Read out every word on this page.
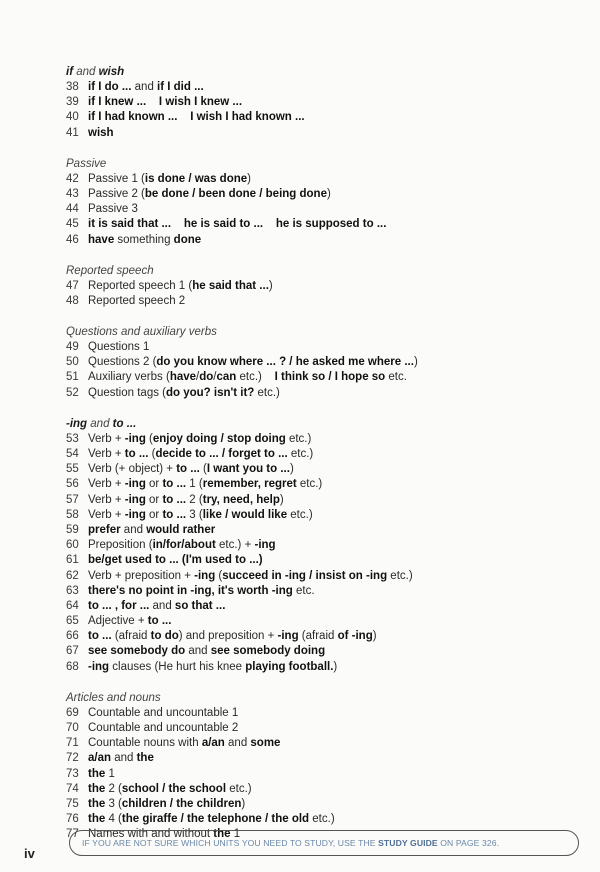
if and wish
38 if I do ... and if I did ...
39 if I knew ...    I wish I knew ...
40 if I had known ...    I wish I had known ...
41 wish
Passive
42 Passive 1 (is done / was done)
43 Passive 2 (be done / been done / being done)
44 Passive 3
45 it is said that ...    he is said to ...    he is supposed to ...
46 have something done
Reported speech
47 Reported speech 1 (he said that ...)
48 Reported speech 2
Questions and auxiliary verbs
49 Questions 1
50 Questions 2 (do you know where ... ? / he asked me where ...)
51 Auxiliary verbs (have/do/can etc.)    I think so / I hope so etc.
52 Question tags (do you? isn't it? etc.)
-ing and to ...
53 Verb + -ing (enjoy doing / stop doing etc.)
54 Verb + to ... (decide to ... / forget to ... etc.)
55 Verb (+ object) + to ... (I want you to ...)
56 Verb + -ing or to ... 1 (remember, regret etc.)
57 Verb + -ing or to ... 2 (try, need, help)
58 Verb + -ing or to ... 3 (like / would like etc.)
59 prefer and would rather
60 Preposition (in/for/about etc.) + -ing
61 be/get used to ... (I'm used to ...)
62 Verb + preposition + -ing (succeed in -ing / insist on -ing etc.)
63 there's no point in -ing, it's worth -ing etc.
64 to ... , for ... and so that ...
65 Adjective + to ...
66 to ... (afraid to do) and preposition + -ing (afraid of -ing)
67 see somebody do and see somebody doing
68 -ing clauses (He hurt his knee playing football.)
Articles and nouns
69 Countable and uncountable 1
70 Countable and uncountable 2
71 Countable nouns with a/an and some
72 a/an and the
73 the 1
74 the 2 (school / the school etc.)
75 the 3 (children / the children)
76 the 4 (the giraffe / the telephone / the old etc.)
77 Names with and without the 1
IF YOU ARE NOT SURE WHICH UNITS YOU NEED TO STUDY, USE THE STUDY GUIDE ON PAGE 326.
iv
